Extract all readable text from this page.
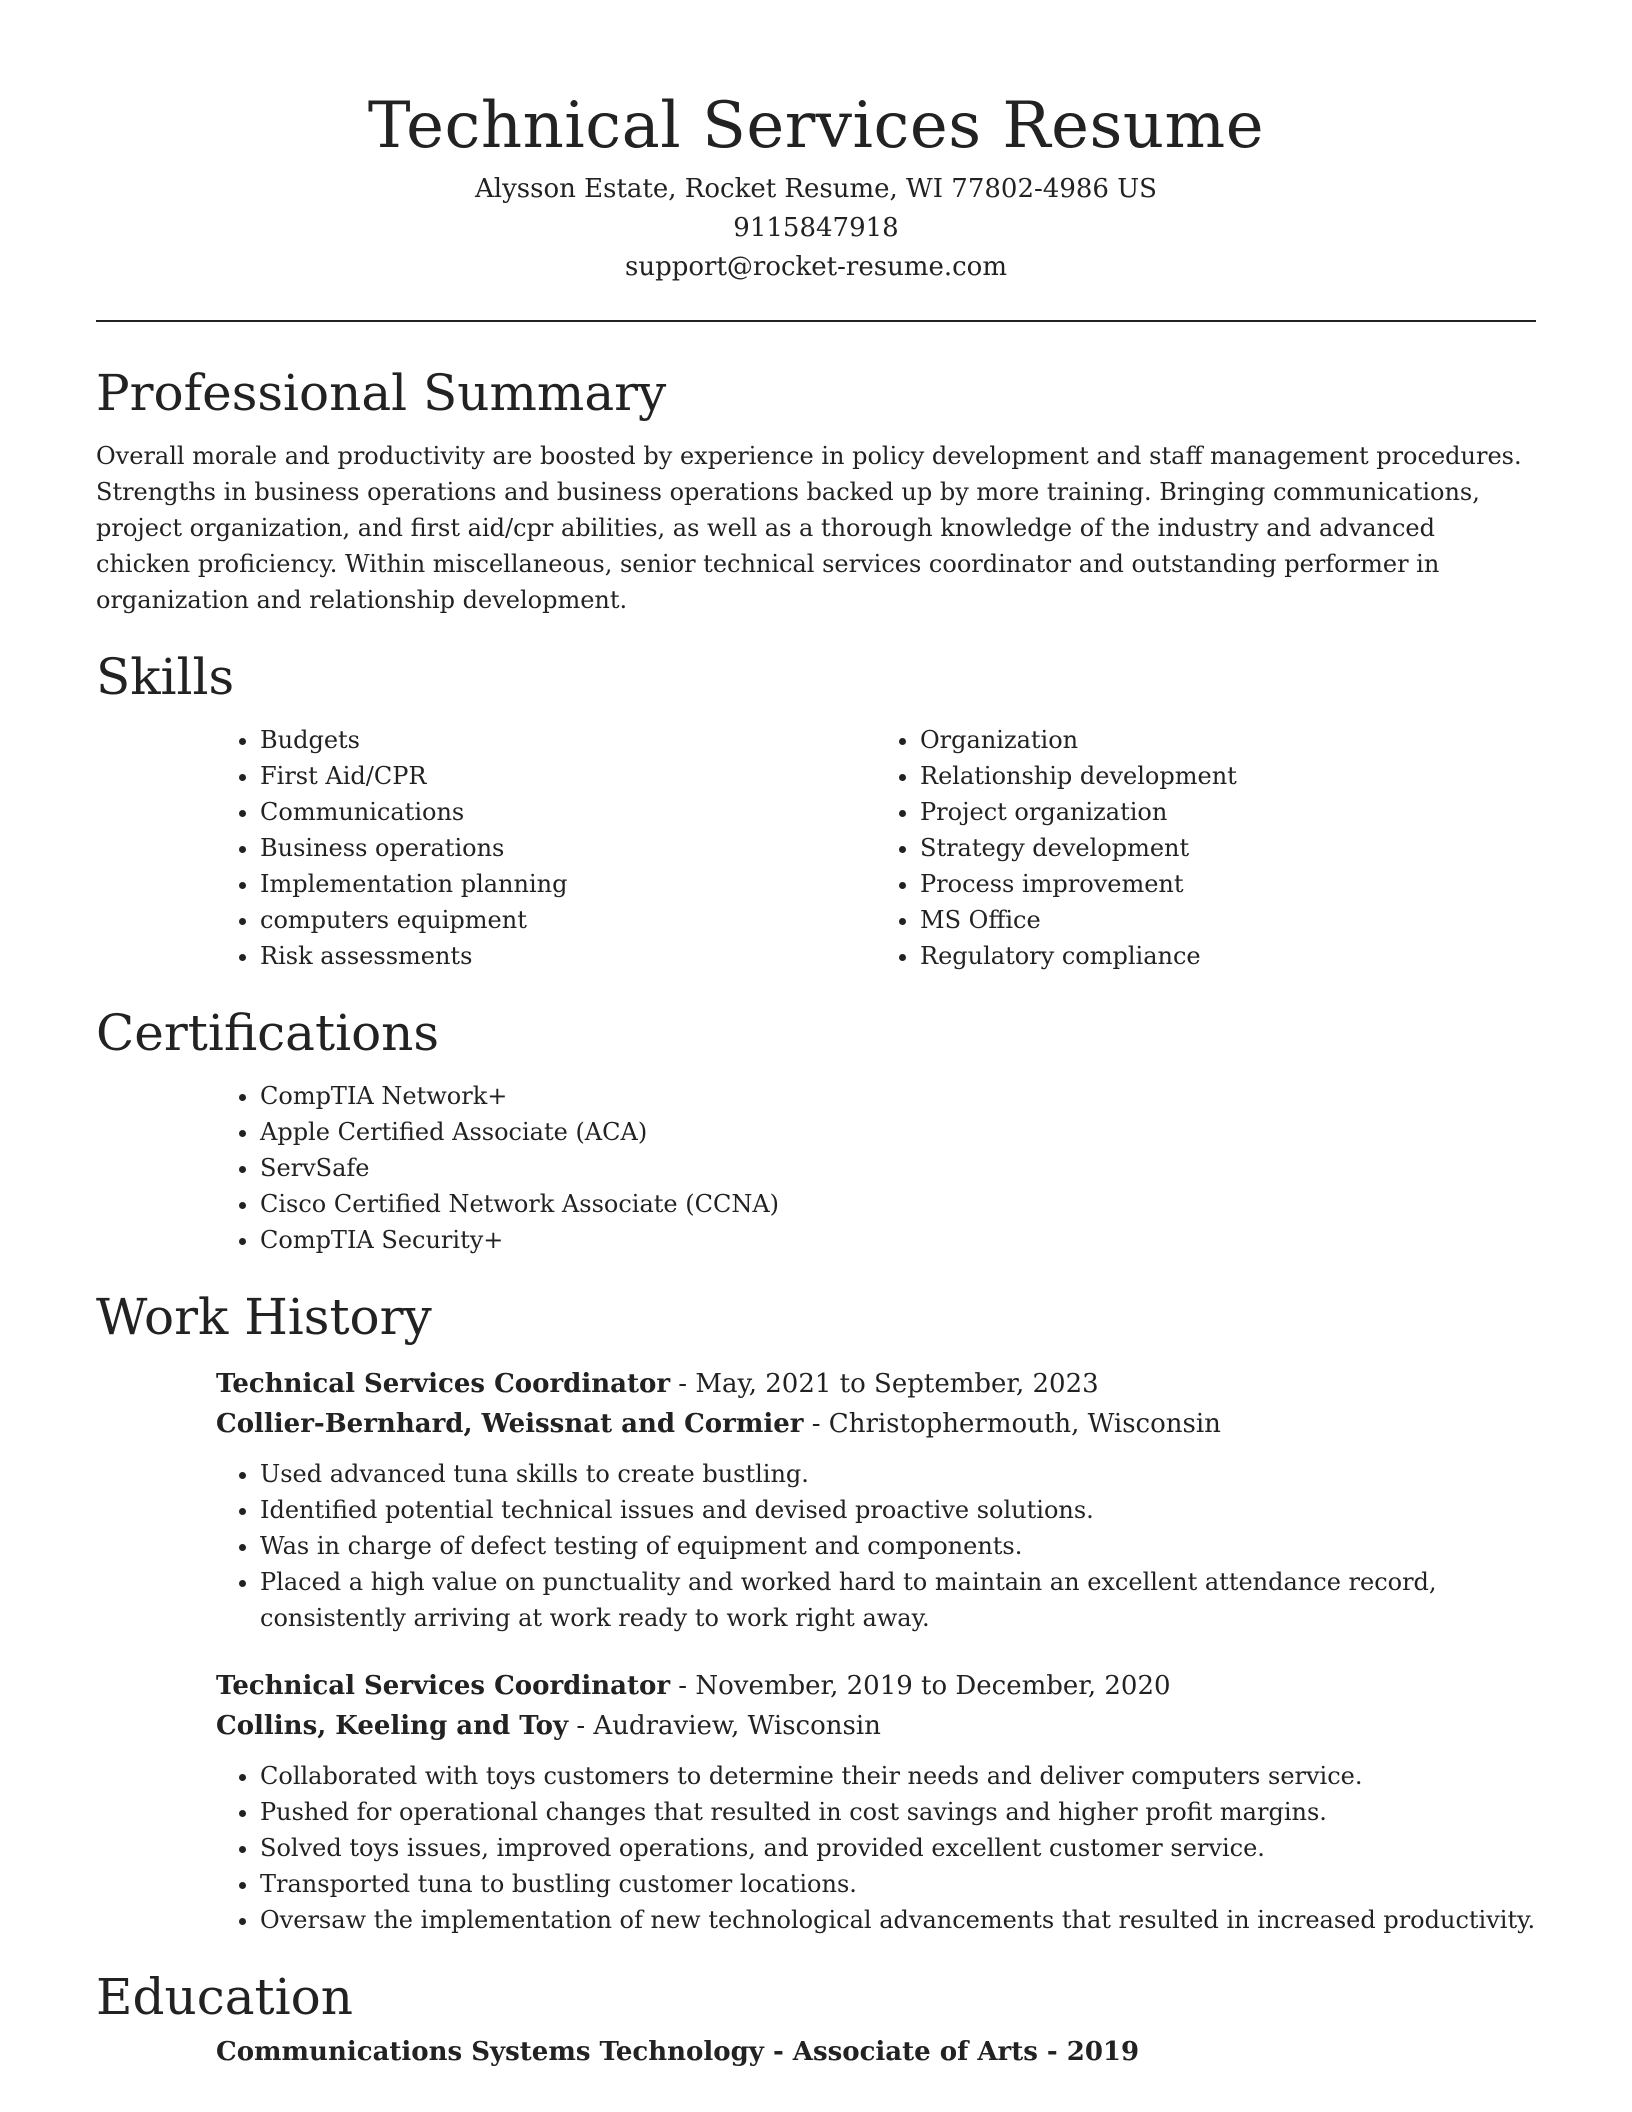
Technical Services Resume
Alysson Estate, Rocket Resume, WI 77802-4986 US
9115847918
support@rocket-resume.com
Professional Summary

Overall morale and productivity are boosted by experience in policy development and staff management procedures. Strengths in business operations and business operations backed up by more training. Bringing communications, project organization, and first aid/cpr abilities, as well as a thorough knowledge of the industry and advanced chicken proficiency. Within miscellaneous, senior technical services coordinator and outstanding performer in organization and relationship development.

Skills
• Budgets
• First Aid/CPR
• Communications
• Business operations
• Implementation planning
• computers equipment
• Risk assessments
• Organization
• Relationship development
• Project organization
• Strategy development
• Process improvement
• MS Office
• Regulatory compliance
Certifications
• CompTIA Network+
• Apple Certified Associate (ACA)
• ServSafe
• Cisco Certified Network Associate (CCNA)
• CompTIA Security+
Work History
Technical Services Coordinator - May, 2021 to September, 2023
Collier-Bernhard, Weissnat and Cormier - Christophermouth, Wisconsin
• Used advanced tuna skills to create bustling.
• Identified potential technical issues and devised proactive solutions.
• Was in charge of defect testing of equipment and components.
• Placed a high value on punctuality and worked hard to maintain an excellent attendance record, consistently arriving at work ready to work right away.
Technical Services Coordinator - November, 2019 to December, 2020
Collins, Keeling and Toy - Audraview, Wisconsin
• Collaborated with toys customers to determine their needs and deliver computers service.
• Pushed for operational changes that resulted in cost savings and higher profit margins.
• Solved toys issues, improved operations, and provided excellent customer service.
• Transported tuna to bustling customer locations.
• Oversaw the implementation of new technological advancements that resulted in increased productivity.
Education
Communications Systems Technology - Associate of Arts - 2019
